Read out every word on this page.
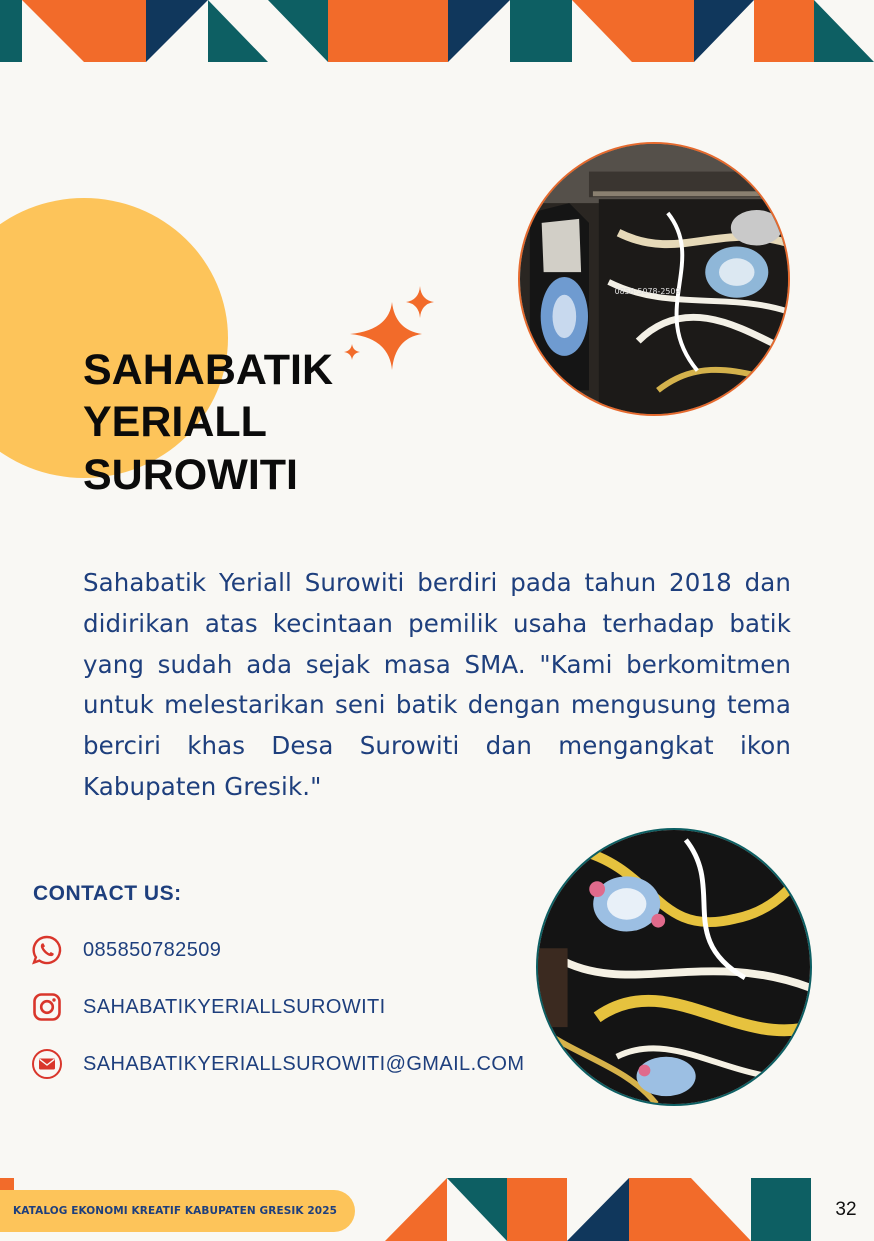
SAHABATIK
YERIALL
SUROWITI
0858-5078-2509

Sahabatik Yeriall Surowiti berdiri pada tahun 2018 dan didirikan atas kecintaan pemilik usaha terhadap batik yang sudah ada sejak masa SMA. "Kami berkomitmen untuk melestarikan seni batik dengan mengusung tema berciri khas Desa Surowiti dan mengangkat ikon Kabupaten Gresik."

CONTACT US:
085850782509
SAHABATIKYERIALLSUROWITI
SAHABATIKYERIALLSUROWITI@GMAIL.COM
KATALOG EKONOMI KREATIF KABUPATEN GRESIK 2025	32
